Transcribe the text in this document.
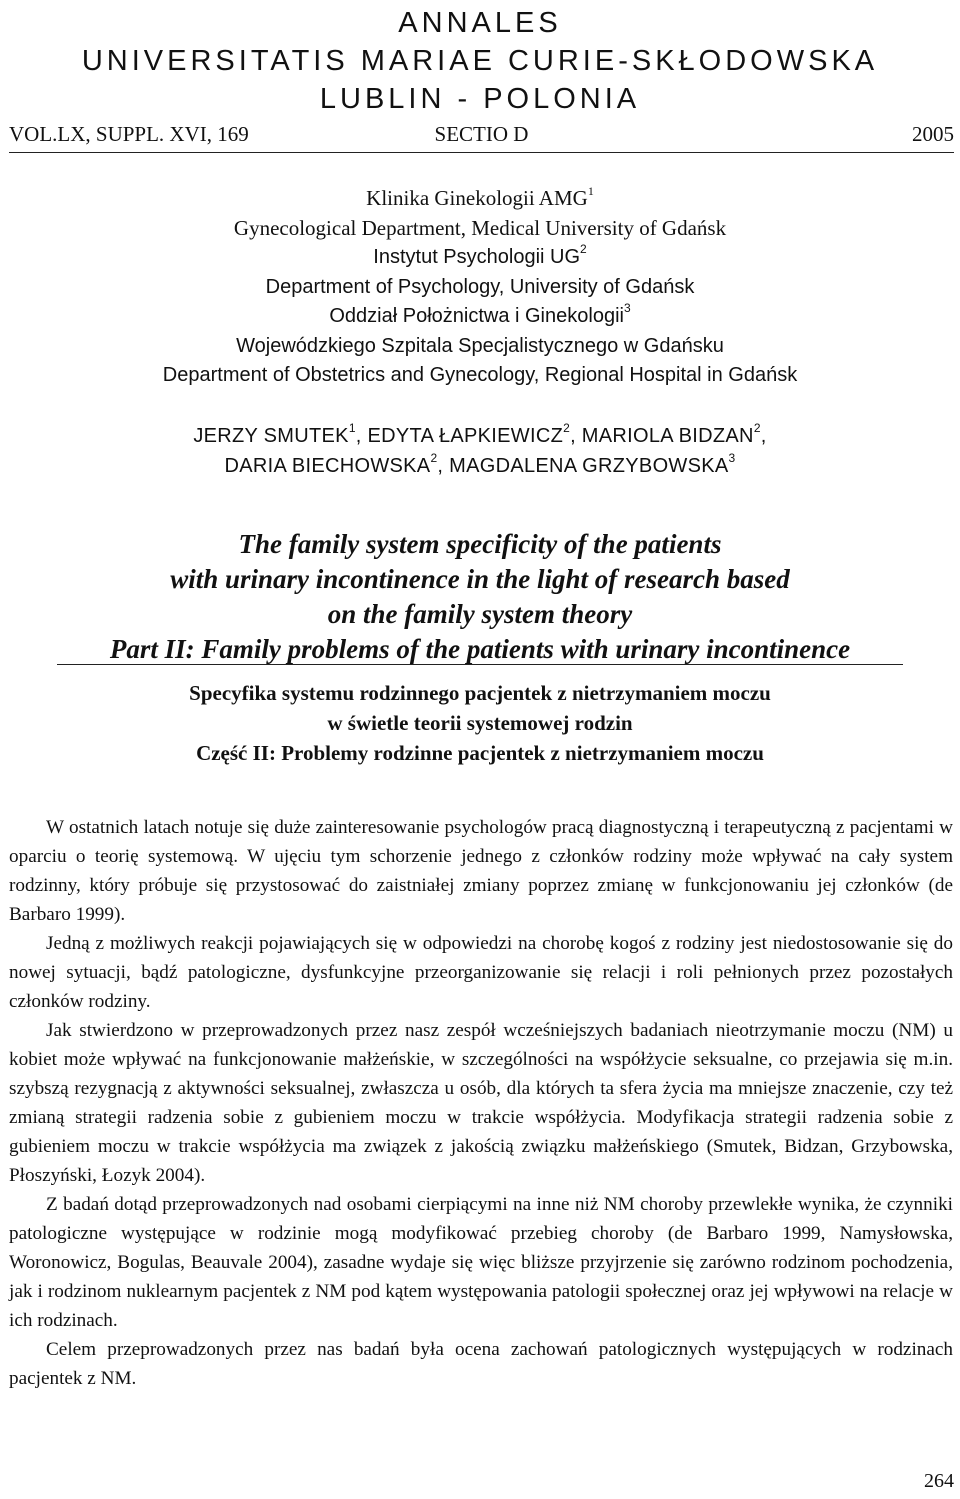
ANNALES
UNIVERSITATIS MARIAE CURIE-SKŁODOWSKA
LUBLIN - POLONIA
VOL.LX, SUPPL. XVI, 169	SECTIO D	2005
Klinika Ginekologii AMG$^1$
Gynecological Department, Medical University of Gdańsk
Instytut Psychologii $UG^2$
Department of Psychology, University of Gdańsk
Oddział Położnictwa i Ginekologii$^3$
Wojewódzkiego Szpitala Specjalistycznego w Gdańsku
Department of Obstetrics and Gynecology, Regional Hospital in Gdańsk
JERZY SMUTEK$^1$, EDYTA ŁAPKIEWICZ$^2$, MARIOLA BIDZAN$^2$,
DARIA BIECHOWSKA$^2$, MAGDALENA GRZYBOWSKA$^3$
The family system specificity of the patients
with urinary incontinence in the light of research based
on the family system theory
Part II: Family problems of the patients with urinary incontinence
Specyfika systemu rodzinnego pacjentek z nietrzymaniem moczu
w świetle teorii systemowej rodzin
Część II: Problemy rodzinne pacjentek z nietrzymaniem moczu

W ostatnich latach notuje się duże zainteresowanie psychologów pracą diagnostyczną i terapeutyczną z pacjentami w oparciu o teorię systemową. W ujęciu tym schorzenie jednego z członków rodziny może wpływać na cały system rodzinny, który próbuje się przystosować do zaistniałej zmiany poprzez zmianę w funkcjonowaniu jej członków (de Barbaro 1999).

Jedną z możliwych reakcji pojawiających się w odpowiedzi na chorobę kogoś z rodziny jest niedostosowanie się do nowej sytuacji, bądź patologiczne, dysfunkcyjne przeorganizowanie się relacji i roli pełnionych przez pozostałych członków rodziny.

Jak stwierdzono w przeprowadzonych przez nasz zespół wcześniejszych badaniach nieotrzymanie moczu (NM) u kobiet może wpływać na funkcjonowanie małżeńskie, w szczególności na współżycie seksualne, co przejawia się m.in. szybszą rezygnacją z aktywności seksualnej, zwłaszcza u osób, dla których ta sfera życia ma mniejsze znaczenie, czy też zmianą strategii radzenia sobie z gubieniem moczu w trakcie współżycia. Modyfikacja strategii radzenia sobie z gubieniem moczu w trakcie współżycia ma związek z jakością związku małżeńskiego (Smutek, Bidzan, Grzybowska, Płoszyński, Łozyk 2004).

Z badań dotąd przeprowadzonych nad osobami cierpiącymi na inne niż NM choroby przewlekłe wynika, że czynniki patologiczne występujące w rodzinie mogą modyfikować przebieg choroby (de Barbaro 1999, Namysłowska, Woronowicz, Bogulas, Beauvale 2004), zasadne wydaje się więc bliższe przyjrzenie się zarówno rodzinom pochodzenia, jak i rodzinom nuklearnym pacjentek z NM pod kątem występowania patologii społecznej oraz jej wpływowi na relacje w ich rodzinach.

Celem przeprowadzonych przez nas badań była ocena zachowań patologicznych występujących w rodzinach pacjentek z NM.

264
